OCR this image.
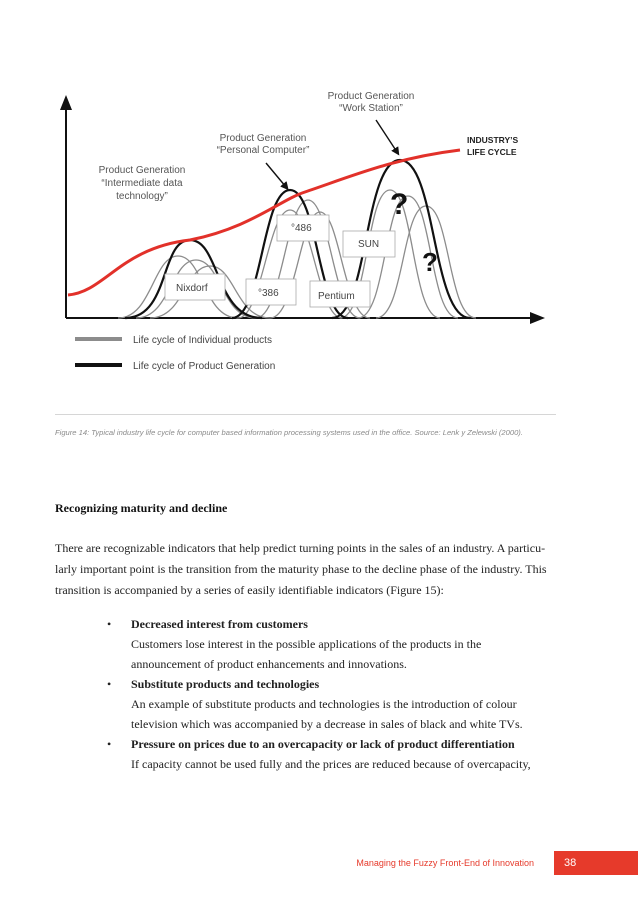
Product Generation
“Work Station”
Product Generation
“Personal Computer”
Product Generation
“Intermediate data
technology”
INDUSTRY’S
LIFE CYCLE
°486
SUN
Nixdorf	°386	Pentium
?
?
Life cycle of Individual products
Life cycle of Product Generation
Figure 14: Typical industry life cycle for computer based information processing systems used in the office. Source: Lenk y Zelewski (2000).
Recognizing maturity and decline
There are recognizable indicators that help predict turning points in the sales of an industry. A particu-
larly important point is the transition from the maturity phase to the decline phase of the industry. This
transition is accompanied by a series of easily identifiable indicators (Figure 15):
• Decreased interest from customers
Customers lose interest in the possible applications of the products in the
announcement of product enhancements and innovations.
• Substitute products and technologies
An example of substitute products and technologies is the introduction of colour
television which was accompanied by a decrease in sales of black and white TVs.
• Pressure on prices due to an overcapacity or lack of product differentiation
If capacity cannot be used fully and the prices are reduced because of overcapacity,
Managing the Fuzzy Front-End of Innovation	38
